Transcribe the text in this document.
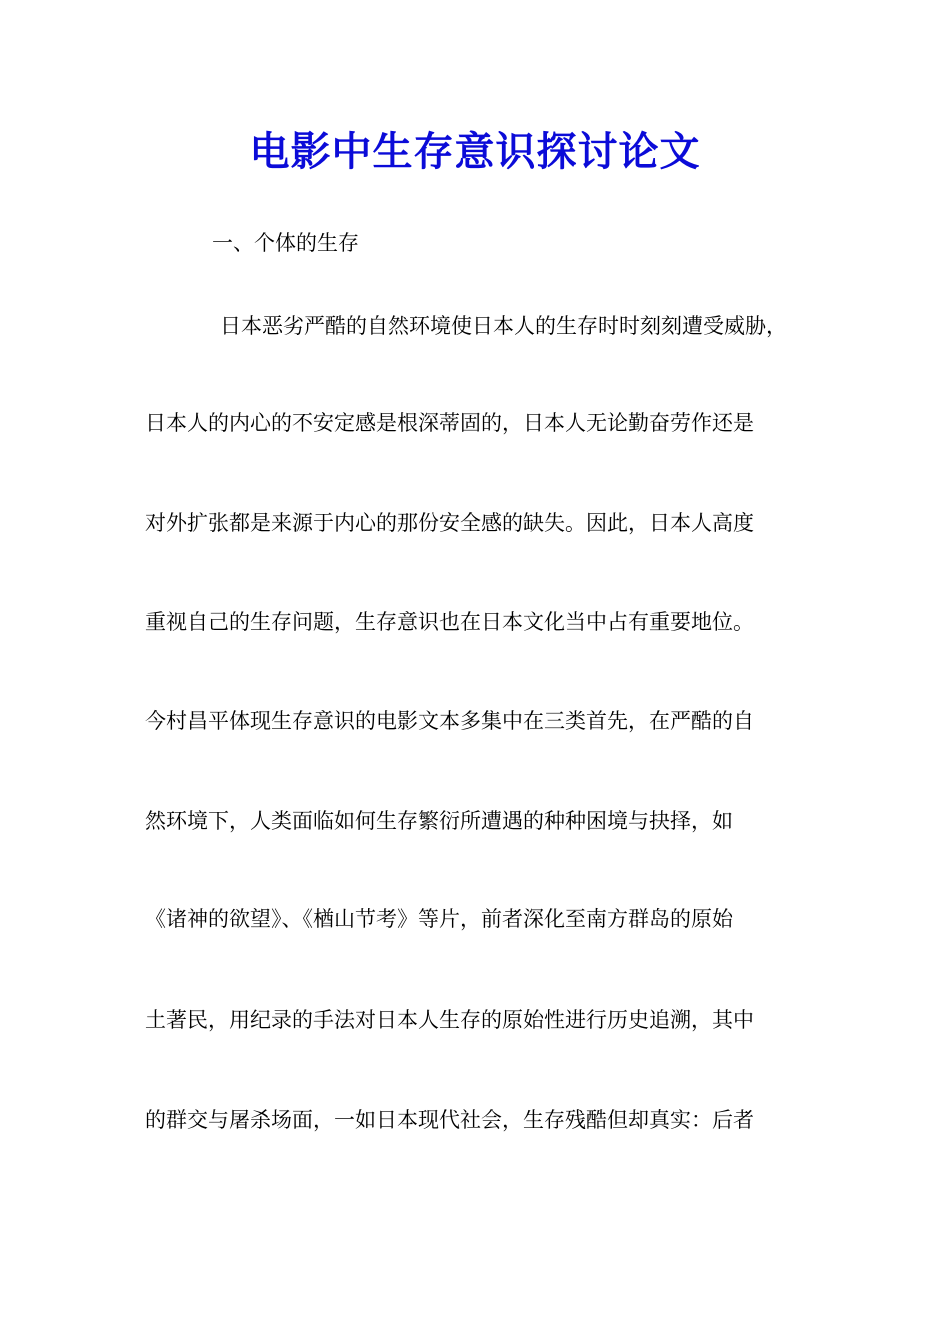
电影中生存意识探讨论文

一、个体的生存

日本恶劣严酷的自然环境使日本人的生存时时刻刻遭受威胁，

日本人的内心的不安定感是根深蒂固的，日本人无论勤奋劳作还是

对外扩张都是来源于内心的那份安全感的缺失。因此，日本人高度

重视自己的生存问题，生存意识也在日本文化当中占有重要地位。

今村昌平体现生存意识的电影文本多集中在三类首先，在严酷的自

然环境下，人类面临如何生存繁衍所遭遇的种种困境与抉择，如

《诸神的欲望》、《楢山节考》等片，前者深化至南方群岛的原始

土著民，用纪录的手法对日本人生存的原始性进行历史追溯，其中

的群交与屠杀场面，一如日本现代社会，生存残酷但却真实：后者
